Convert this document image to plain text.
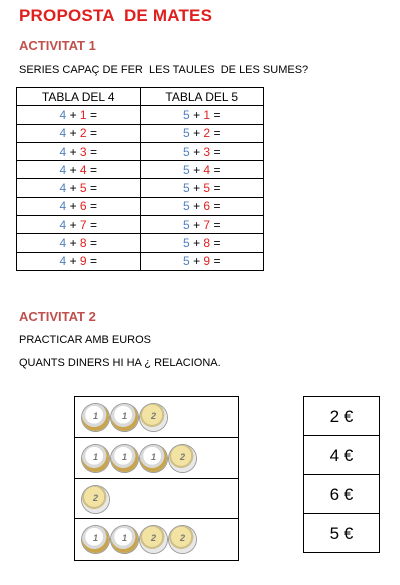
PROPOSTA  DE MATES
ACTIVITAT 1
SERIES CAPAÇ DE FER  LES TAULES  DE LES SUMES?
TABLA DEL 4	TABLA DEL 5
4 + 1 =	5 + 1 =
4 + 2 =	5 + 2 =
4 + 3 =	5 + 3 =
4 + 4 =	5 + 4 =
4 + 5 =	5 + 5 =
4 + 6 =	5 + 6 =
4 + 7 =	5 + 7 =
4 + 8 =	5 + 8 =
4 + 9 =	5 + 9 =
ACTIVITAT 2
PRACTICAR AMB EUROS
QUANTS DINERS HI HA ¿ RELACIONA.
1	1	2
1	1	1	2
2
1	1	2	2
2 €
4 €
6 €
5 €
